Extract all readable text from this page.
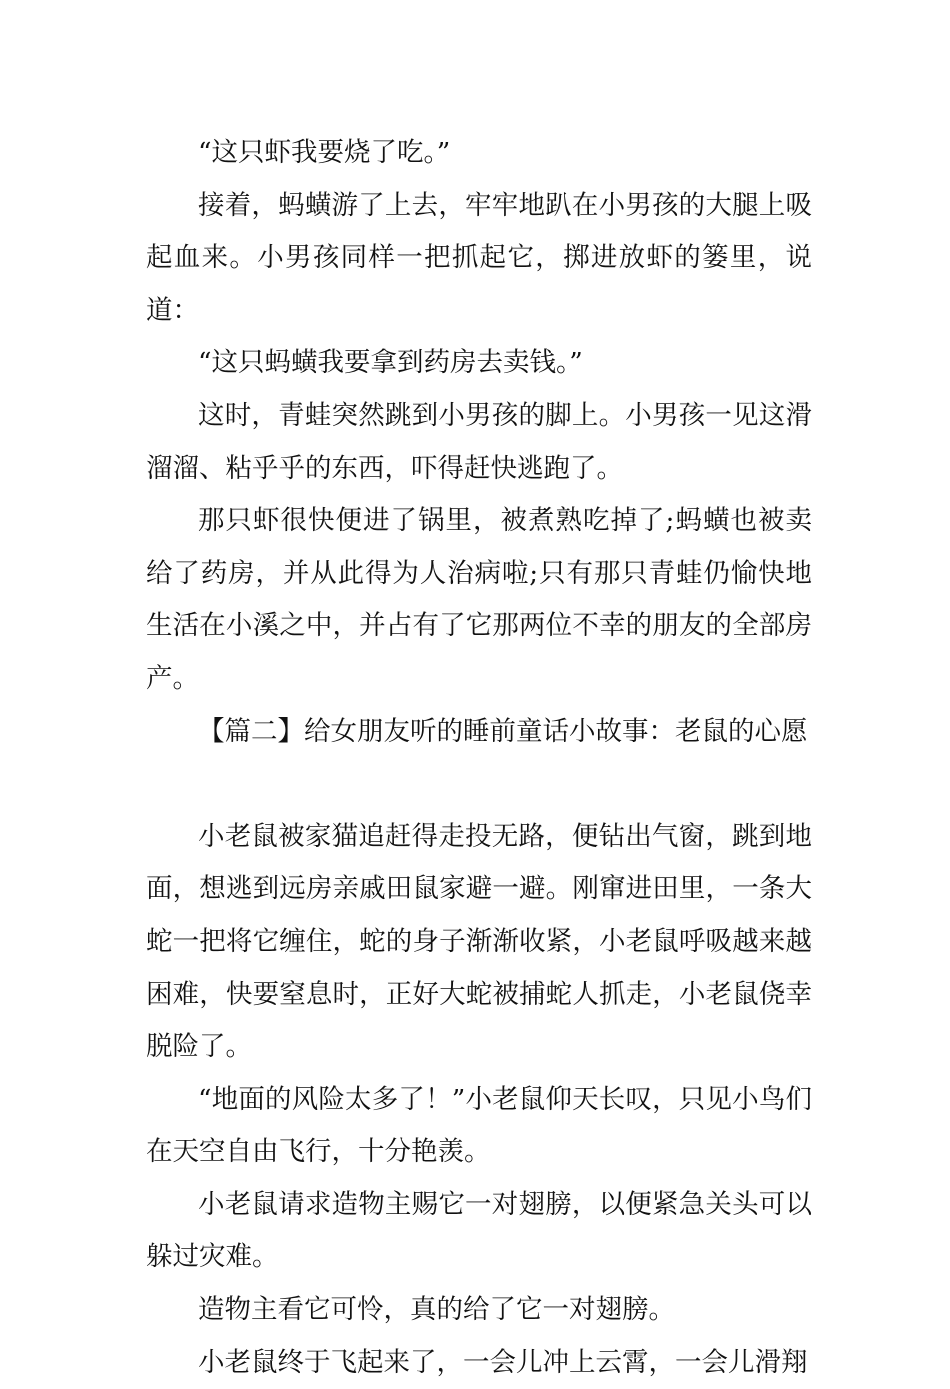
“这只虾我要烧了吃。”

接着，蚂蟥游了上去，牢牢地趴在小男孩的大腿上吸起血来。小男孩同样一把抓起它，掷进放虾的篓里，说道：

“这只蚂蟥我要拿到药房去卖钱。”

这时，青蛙突然跳到小男孩的脚上。小男孩一见这滑溜溜、粘乎乎的东西，吓得赶快逃跑了。

那只虾很快便进了锅里，被煮熟吃掉了;蚂蟥也被卖给了药房，并从此得为人治病啦;只有那只青蛙仍愉快地生活在小溪之中，并占有了它那两位不幸的朋友的全部房产。

【篇二】给女朋友听的睡前童话小故事：老鼠的心愿

小老鼠被家猫追赶得走投无路，便钻出气窗，跳到地面，想逃到远房亲戚田鼠家避一避。刚窜进田里，一条大蛇一把将它缠住，蛇的身子渐渐收紧，小老鼠呼吸越来越困难，快要窒息时，正好大蛇被捕蛇人抓走，小老鼠侥幸脱险了。

“地面的风险太多了！”小老鼠仰天长叹，只见小鸟们在天空自由飞行，十分艳羡。

小老鼠请求造物主赐它一对翅膀，以便紧急关头可以躲过灾难。

造物主看它可怜，真的给了它一对翅膀。

小老鼠终于飞起来了，一会儿冲上云霄，一会儿滑翔
